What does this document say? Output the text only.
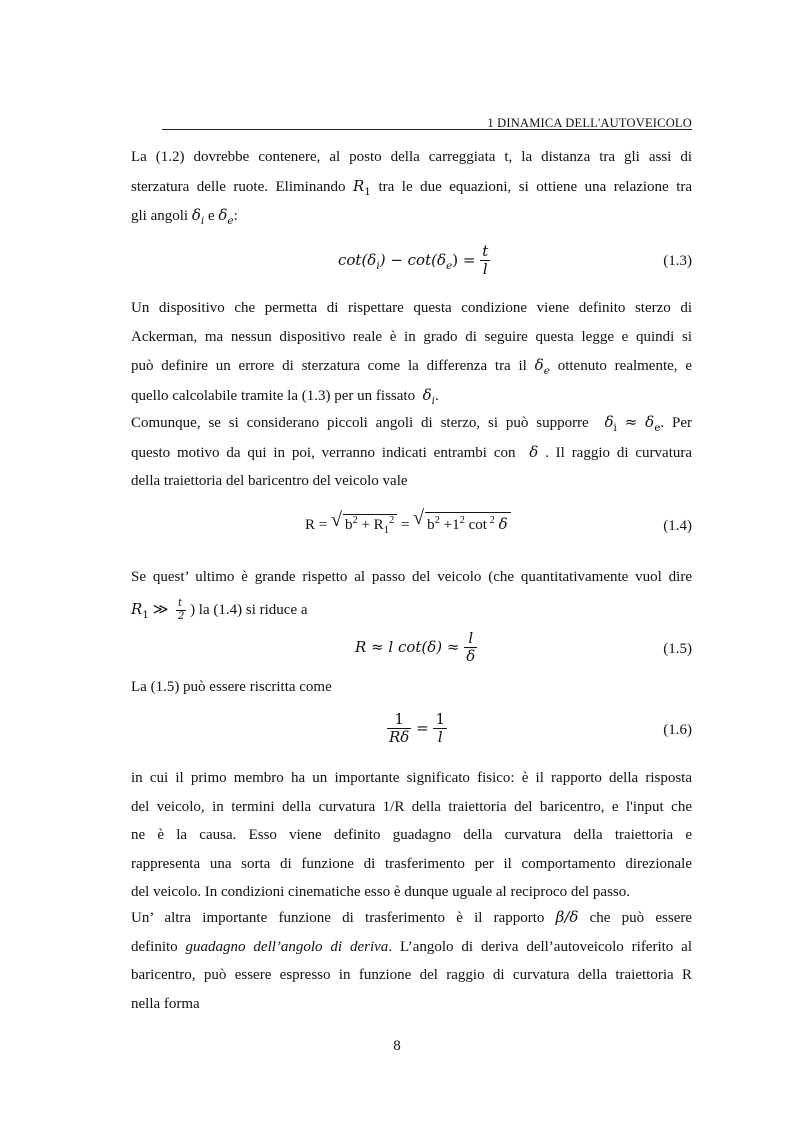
1 DINAMICA DELL'AUTOVEICOLO
La (1.2) dovrebbe contenere, al posto della carreggiata t, la distanza tra gli assi di
sterzatura delle ruote. Eliminando $R_1$ tra le due equazioni, si ottiene una relazione tra
gli angoli $\delta_i$ e $\delta_e$:
$\cot(\delta_i) - \cot(\delta_e) = \frac{t}{l}$	(1.3)
Un dispositivo che permetta di rispettare questa condizione viene definito sterzo di
Ackerman, ma nessun dispositivo reale è in grado di seguire questa legge e quindi si
può definire un errore di sterzatura come la differenza tra il $\delta_e$ ottenuto realmente, e
quello calcolabile tramite la (1.3) per un fissato $\delta_i$.
Comunque, se si considerano piccoli angoli di sterzo, si può supporre $\delta_i \approx \delta_e$. Per
questo motivo da qui in poi, verranno indicati entrambi con δ . Il raggio di curvatura
della traiettoria del baricentro del veicolo vale
R = √ $b^2 + R_1^2$ = √ $b^2 +1^2$ cot $^2$ δ	(1.4)
Se quest’ ultimo è grande rispetto al passo del veicolo (che quantitativamente vuol dire
$R_1$ ≫ $\frac{t}{2}$ ) la (1.4) si riduce a
R ≈ l $\cot(\delta) \approx \frac{l}{\delta}$	(1.5)
La (1.5) può essere riscritta come
$\frac{1}{R\delta} = \frac{1}{l}$	(1.6)
in cui il primo membro ha un importante significato fisico: è il rapporto della risposta
del veicolo, in termini della curvatura 1/R della traiettoria del baricentro, e l'input che
ne è la causa. Esso viene definito guadagno della curvatura della traiettoria e
rappresenta una sorta di funzione di trasferimento per il comportamento direzionale
del veicolo. In condizioni cinematiche esso è dunque uguale al reciproco del passo.
Un’ altra importante funzione di trasferimento è il rapporto β/δ che può essere
definito guadagno dell’angolo di deriva. L’angolo di deriva dell’autoveicolo riferito al
baricentro, può essere espresso in funzione del raggio di curvatura della traiettoria R
nella forma
8
